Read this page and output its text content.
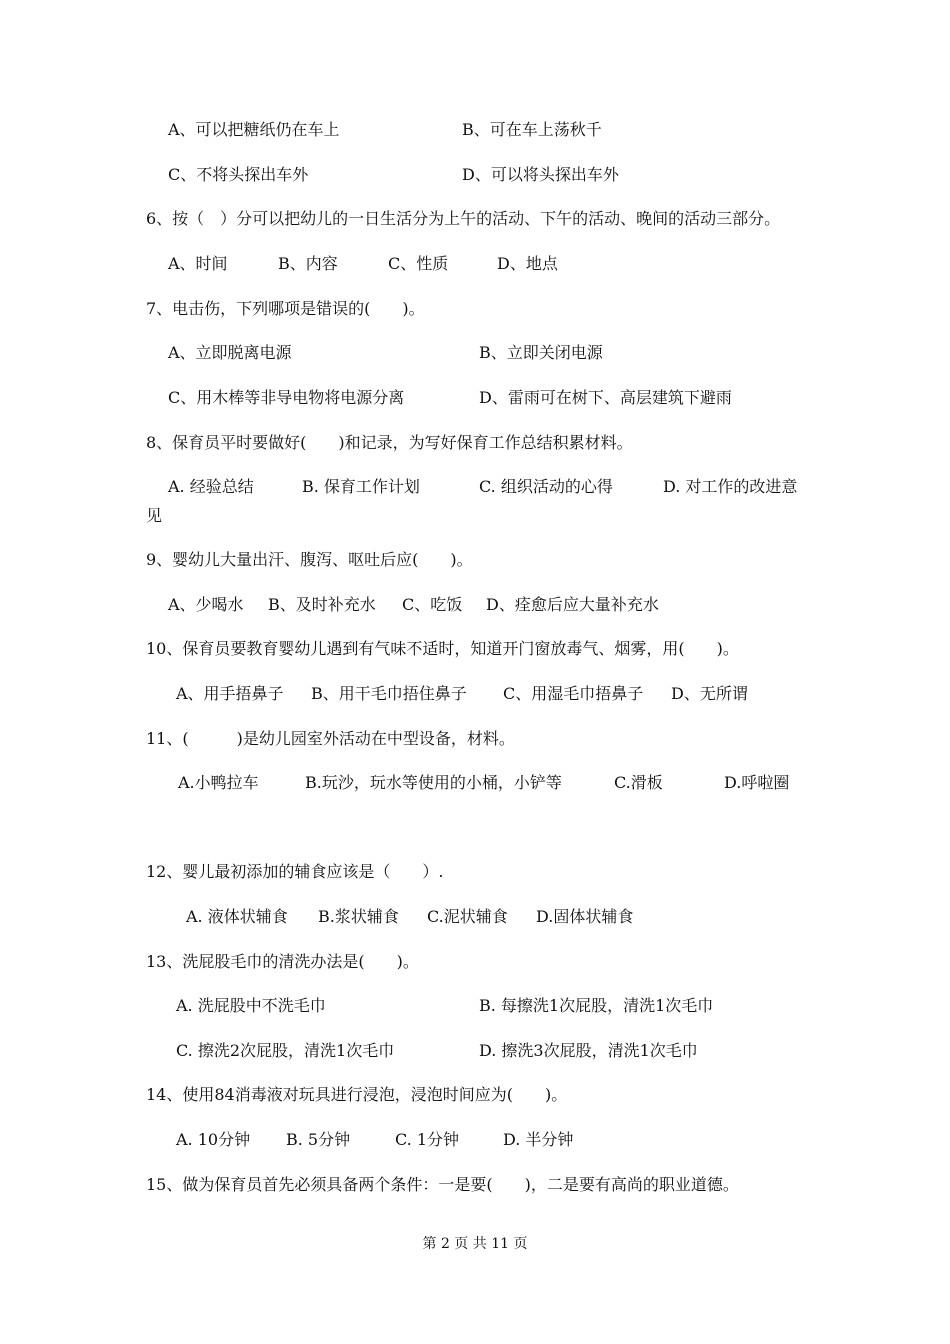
A、可以把糖纸仍在车上	B、可在车上荡秋千
C、不将头探出车外	D、可以将头探出车外
6、按（　）分可以把幼儿的一日生活分为上午的活动、下午的活动、晚间的活动三部分。
A、时间	B、内容	C、性质	D、地点
7、电击伤，下列哪项是错误的(　　)。
A、立即脱离电源	B、立即关闭电源
C、用木棒等非导电物将电源分离	D、雷雨可在树下、高层建筑下避雨
8、保育员平时要做好(　　)和记录，为写好保育工作总结积累材料。
A. 经验总结	B. 保育工作计划	C. 组织活动的心得	D. 对工作的改进意
见
9、婴幼儿大量出汗、腹泻、呕吐后应(　　)。
A、少喝水 B、及时补充水 C、吃饭 D、痊愈后应大量补充水
10、保育员要教育婴幼儿遇到有气味不适时，知道开门窗放毒气、烟雾，用(　　)。
A、用手捂鼻子 B、用干毛巾捂住鼻子 C、用湿毛巾捂鼻子 D、无所谓
11、(　　　)是幼儿园室外活动在中型设备，材料。
A.小鸭拉车	B.玩沙，玩水等使用的小桶，小铲等	C.滑板	D.呼啦圈
12、婴儿最初添加的辅食应该是（　　）.
A. 液体状辅食 B.浆状辅食 C.泥状辅食 D.固体状辅食
13、洗屁股毛巾的清洗办法是(　　)。
A. 洗屁股中不洗毛巾	B. 每擦洗1次屁股，清洗1次毛巾
C. 擦洗2次屁股，清洗1次毛巾	D. 擦洗3次屁股，清洗1次毛巾
14、使用84消毒液对玩具进行浸泡，浸泡时间应为(　　)。
A. 10分钟 B. 5分钟	C. 1分钟	D. 半分钟
15、做为保育员首先必须具备两个条件：一是要(　　)，二是要有高尚的职业道德。
第 2 页 共 11 页
